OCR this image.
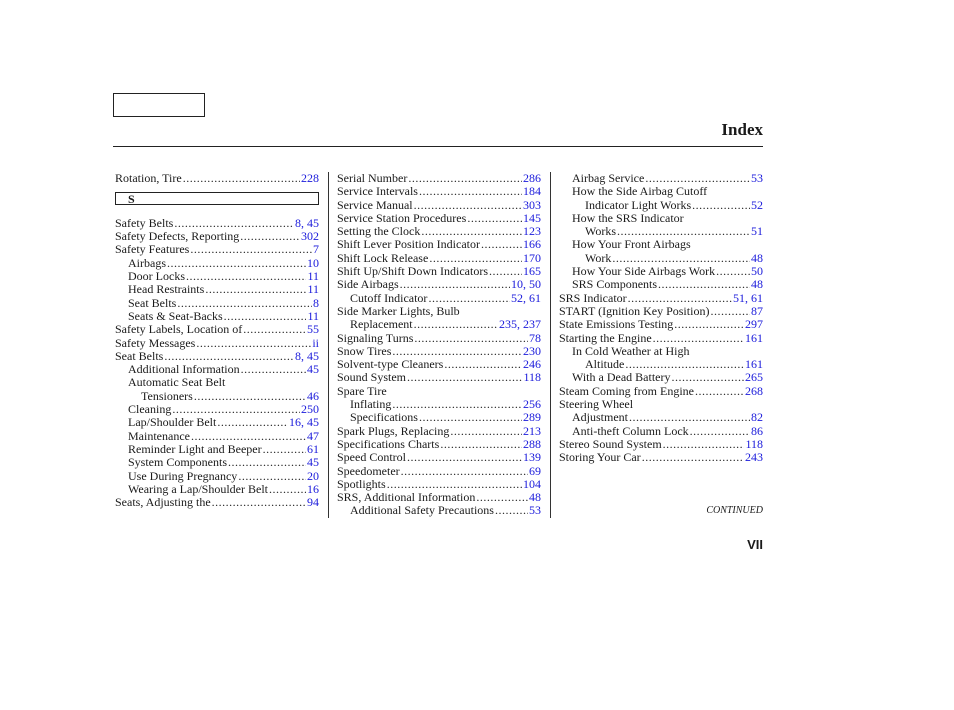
Index
Rotation, Tire .....	228
S
Safety Belts .....	8, 45
Safety Defects, Reporting .....	302
Safety Features .....	7
Airbags .....	10
Door Locks .....	11
Head Restraints .....	11
Seat Belts .....	8
Seats & Seat-Backs .....	11
Safety Labels, Location of .....	55
Safety Messages .....	ii
Seat Belts .....	8, 45
Additional Information .....	45
Automatic Seat Belt
Tensioners .....	46
Cleaning .....	250
Lap/Shoulder Belt .....	16, 45
Maintenance .....	47
Reminder Light and Beeper .....	61
System Components .....	45
Use During Pregnancy .....	20
Wearing a Lap/Shoulder Belt .....	16
Seats, Adjusting the .....	94
Serial Number .....	286
Service Intervals .....	184
Service Manual .....	303
Service Station Procedures .....	145
Setting the Clock .....	123
Shift Lever Position Indicator .....	166
Shift Lock Release .....	170
Shift Up/Shift Down Indicators .....	165
Side Airbags .....	10, 50
Cutoff Indicator .....	52, 61
Side Marker Lights, Bulb
Replacement .....	235, 237
Signaling Turns .....	78
Snow Tires .....	230
Solvent-type Cleaners .....	246
Sound System .....	118
Spare Tire
Inflating .....	256
Specifications .....	289
Spark Plugs, Replacing .....	213
Specifications Charts .....	288
Speed Control .....	139
Speedometer .....	69
Spotlights .....	104
SRS, Additional Information .....	48
Additional Safety Precautions .....	53
Airbag Service .....	53
How the Side Airbag Cutoff
Indicator Light Works .....	52
How the SRS Indicator
Works .....	51
How Your Front Airbags
Work .....	48
How Your Side Airbags Work .....	50
SRS Components .....	48
SRS Indicator .....	51, 61
START (Ignition Key Position) .....	87
State Emissions Testing .....	297
Starting the Engine .....	161
In Cold Weather at High
Altitude .....	161
With a Dead Battery .....	265
Steam Coming from Engine .....	268
Steering Wheel
Adjustment .....	82
Anti-theft Column Lock .....	86
Stereo Sound System .....	118
Storing Your Car .....	243
CONTINUED
VII
